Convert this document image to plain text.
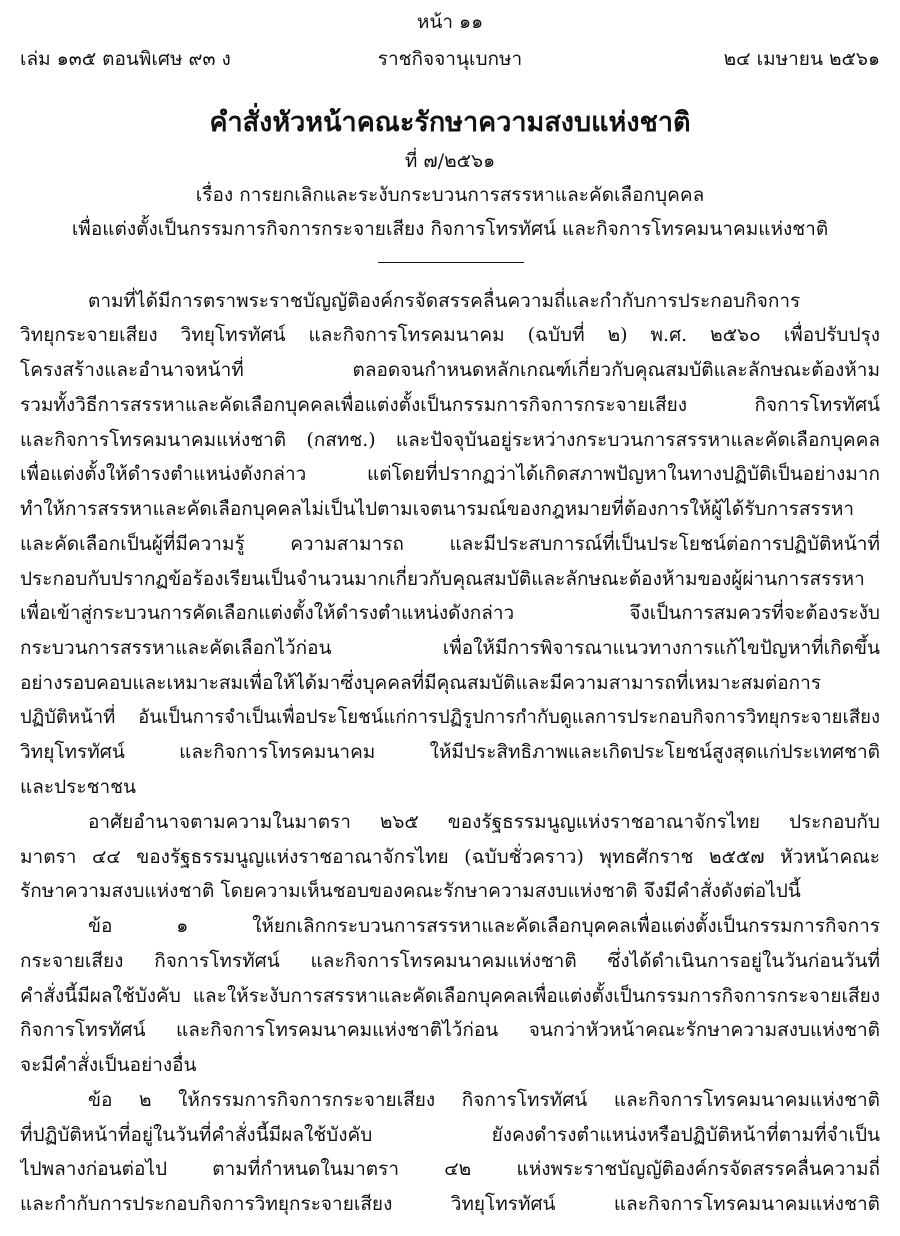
หน้า ๑๑
ราชกิจจานุเบกษา
เล่ม ๑๓๕ ตอนพิเศษ ๙๓ ง	๒๔ เมษายน ๒๕๖๑
คำสั่งหัวหน้าคณะรักษาความสงบแห่งชาติ
ที่ ๗/๒๕๖๑
เรื่อง การยกเลิกและระงับกระบวนการสรรหาและคัดเลือกบุคคล
เพื่อแต่งตั้งเป็นกรรมการกิจการกระจายเสียง กิจการโทรทัศน์ และกิจการโทรคมนาคมแห่งชาติ
ตามที่ได้มีการตราพระราชบัญญัติองค์กรจัดสรรคลื่นความถี่และกำกับการประกอบกิจการ
วิทยุกระจายเสียง วิทยุโทรทัศน์ และกิจการโทรคมนาคม (ฉบับที่ ๒) พ.ศ. ๒๕๖๐ เพื่อปรับปรุง
โครงสร้างและอำนาจหน้าที่ ตลอดจนกำหนดหลักเกณฑ์เกี่ยวกับคุณสมบัติและลักษณะต้องห้าม
รวมทั้งวิธีการสรรหาและคัดเลือกบุคคลเพื่อแต่งตั้งเป็นกรรมการกิจการกระจายเสียง กิจการโทรทัศน์
และกิจการโทรคมนาคมแห่งชาติ (กสทช.) และปัจจุบันอยู่ระหว่างกระบวนการสรรหาและคัดเลือกบุคคล
เพื่อแต่งตั้งให้ดำรงตำแหน่งดังกล่าว แต่โดยที่ปรากฏว่าได้เกิดสภาพปัญหาในทางปฏิบัติเป็นอย่างมาก
ทำให้การสรรหาและคัดเลือกบุคคลไม่เป็นไปตามเจตนารมณ์ของกฎหมายที่ต้องการให้ผู้ได้รับการสรรหา
และคัดเลือกเป็นผู้ที่มีความรู้ ความสามารถ และมีประสบการณ์ที่เป็นประโยชน์ต่อการปฏิบัติหน้าที่
ประกอบกับปรากฏข้อร้องเรียนเป็นจำนวนมากเกี่ยวกับคุณสมบัติและลักษณะต้องห้ามของผู้ผ่านการสรรหา
เพื่อเข้าสู่กระบวนการคัดเลือกแต่งตั้งให้ดำรงตำแหน่งดังกล่าว จึงเป็นการสมควรที่จะต้องระงับ
กระบวนการสรรหาและคัดเลือกไว้ก่อน เพื่อให้มีการพิจารณาแนวทางการแก้ไขปัญหาที่เกิดขึ้น
อย่างรอบคอบและเหมาะสมเพื่อให้ได้มาซึ่งบุคคลที่มีคุณสมบัติและมีความสามารถที่เหมาะสมต่อการ
ปฏิบัติหน้าที่ อันเป็นการจำเป็นเพื่อประโยชน์แก่การปฏิรูปการกำกับดูแลการประกอบกิจการวิทยุกระจายเสียง
วิทยุโทรทัศน์ และกิจการโทรคมนาคม ให้มีประสิทธิภาพและเกิดประโยชน์สูงสุดแก่ประเทศชาติ
และประชาชน
อาศัยอำนาจตามความในมาตรา ๒๖๕ ของรัฐธรรมนูญแห่งราชอาณาจักรไทย ประกอบกับ
มาตรา ๔๔ ของรัฐธรรมนูญแห่งราชอาณาจักรไทย (ฉบับชั่วคราว) พุทธศักราช ๒๕๕๗ หัวหน้าคณะ
รักษาความสงบแห่งชาติ โดยความเห็นชอบของคณะรักษาความสงบแห่งชาติ จึงมีคำสั่งดังต่อไปนี้
ข้อ ๑ ให้ยกเลิกกระบวนการสรรหาและคัดเลือกบุคคลเพื่อแต่งตั้งเป็นกรรมการกิจการ
กระจายเสียง กิจการโทรทัศน์ และกิจการโทรคมนาคมแห่งชาติ ซึ่งได้ดำเนินการอยู่ในวันก่อนวันที่
คำสั่งนี้มีผลใช้บังคับ และให้ระงับการสรรหาและคัดเลือกบุคคลเพื่อแต่งตั้งเป็นกรรมการกิจการกระจายเสียง
กิจการโทรทัศน์ และกิจการโทรคมนาคมแห่งชาติไว้ก่อน จนกว่าหัวหน้าคณะรักษาความสงบแห่งชาติ
จะมีคำสั่งเป็นอย่างอื่น
ข้อ ๒ ให้กรรมการกิจการกระจายเสียง กิจการโทรทัศน์ และกิจการโทรคมนาคมแห่งชาติ
ที่ปฏิบัติหน้าที่อยู่ในวันที่คำสั่งนี้มีผลใช้บังคับ ยังคงดำรงตำแหน่งหรือปฏิบัติหน้าที่ตามที่จำเป็น
ไปพลางก่อนต่อไป ตามที่กำหนดในมาตรา ๔๒ แห่งพระราชบัญญัติองค์กรจัดสรรคลื่นความถี่
และกำกับการประกอบกิจการวิทยุกระจายเสียง วิทยุโทรทัศน์ และกิจการโทรคมนาคมแห่งชาติ
